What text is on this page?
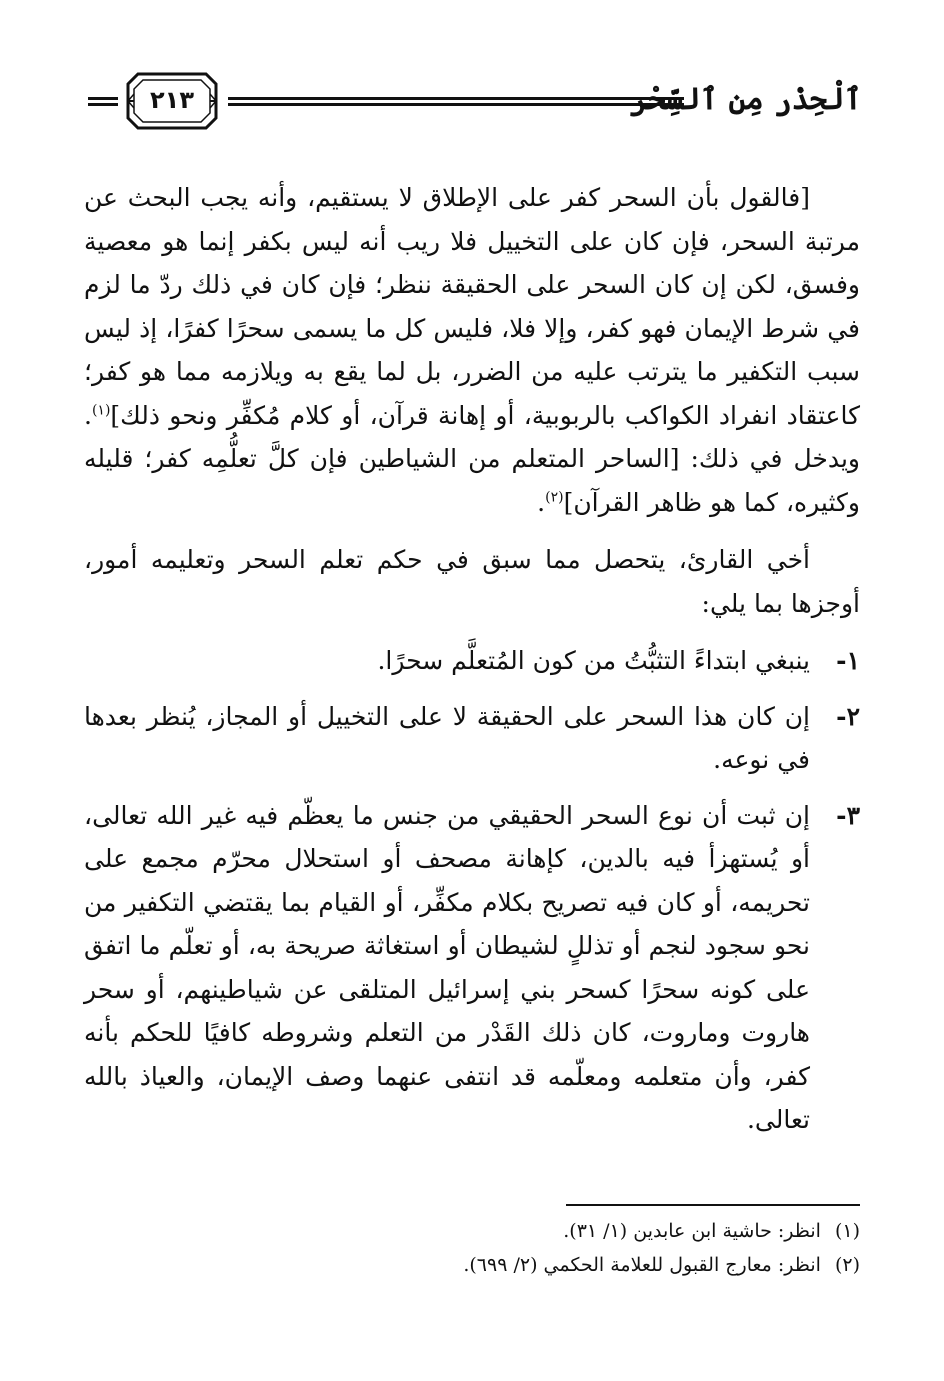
ٱلْحِذْر مِن ٱلسِّحْر
٢١٣

[فالقول بأن السحر كفر على الإطلاق لا يستقيم، وأنه يجب البحث عن مرتبة السحر، فإن كان على التخييل فلا ريب أنه ليس بكفر إنما هو معصية وفسق، لكن إن كان السحر على الحقيقة ننظر؛ فإن كان في ذلك ردّ ما لزم في شرط الإيمان فهو كفر، وإلا فلا، فليس كل ما يسمى سحرًا كفرًا، إذ ليس سبب التكفير ما يترتب عليه من الضرر، بل لما يقع به ويلازمه مما هو كفر؛ كاعتقاد انفراد الكواكب بالربوبية، أو إهانة قرآن، أو كلام مُكفِّر ونحو ذلك]$^{(١)}$. ويدخل في ذلك: [الساحر المتعلم من الشياطين فإن كلَّ تعلُّمِه كفر؛ قليله وكثيره، كما هو ظاهر القرآن]$^{(٢)}$.

أخي القارئ، يتحصل مما سبق في حكم تعلم السحر وتعليمه أمور، أوجزها بما يلي:

١-
ينبغي ابتداءً التثبُّتُ من كون المُتعلَّم سحرًا.
٢-
إن كان هذا السحر على الحقيقة لا على التخييل أو المجاز، يُنظر بعدها في نوعه.
٣-
إن ثبت أن نوع السحر الحقيقي من جنس ما يعظّم فيه غير الله تعالى، أو يُستهزأ فيه بالدين، كإهانة مصحف أو استحلال محرّم مجمع على تحريمه، أو كان فيه تصريح بكلام مكفِّر، أو القيام بما يقتضي التكفير من نحو سجود لنجم أو تذللٍ لشيطان أو استغاثة صريحة به، أو تعلّم ما اتفق على كونه سحرًا كسحر بني إسرائيل المتلقى عن شياطينهم، أو سحر هاروت وماروت، كان ذلك القَدْر من التعلم وشروطه كافيًا للحكم بأنه كفر، وأن متعلمه ومعلّمه قد انتفى عنهما وصف الإيمان، والعياذ بالله تعالى.
(١)انظر: حاشية ابن عابدين (١/ ٣١).
(٢)انظر: معارج القبول للعلامة الحكمي (٢/ ٦٩٩).
